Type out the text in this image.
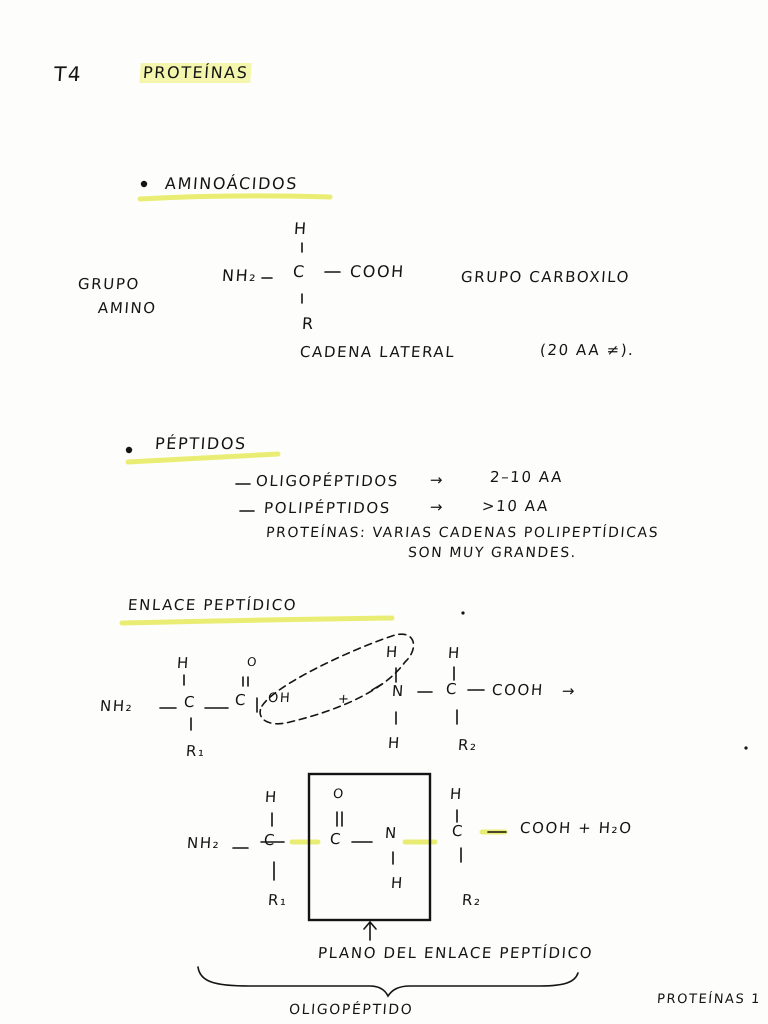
T4	PROTEÍNAS
AMINOÁCIDOS
H
NH₂ C	COOH
R
GRUPO
AMINO
GRUPO CARBOXILO
CADENA LATERAL	(20 AA ≠).
PÉPTIDOS
OLIGOPÉPTIDOS →	2–10 AA
POLIPÉPTIDOS	→ >10 AA
PROTEÍNAS: VARIAS CADENAS POLIPEPTÍDICAS
SON MUY GRANDES.
ENLACE PEPTÍDICO
H	O
H	H
NH₂	C	C OH	+	N	C COOH →
R₁	H	R₂
H	O	H
NH₂	C	C	N	C	COOH + H₂O
R₁
H
R₂
PLANO DEL ENLACE PEPTÍDICO
OLIGOPÉPTIDO
PROTEÍNAS 1
